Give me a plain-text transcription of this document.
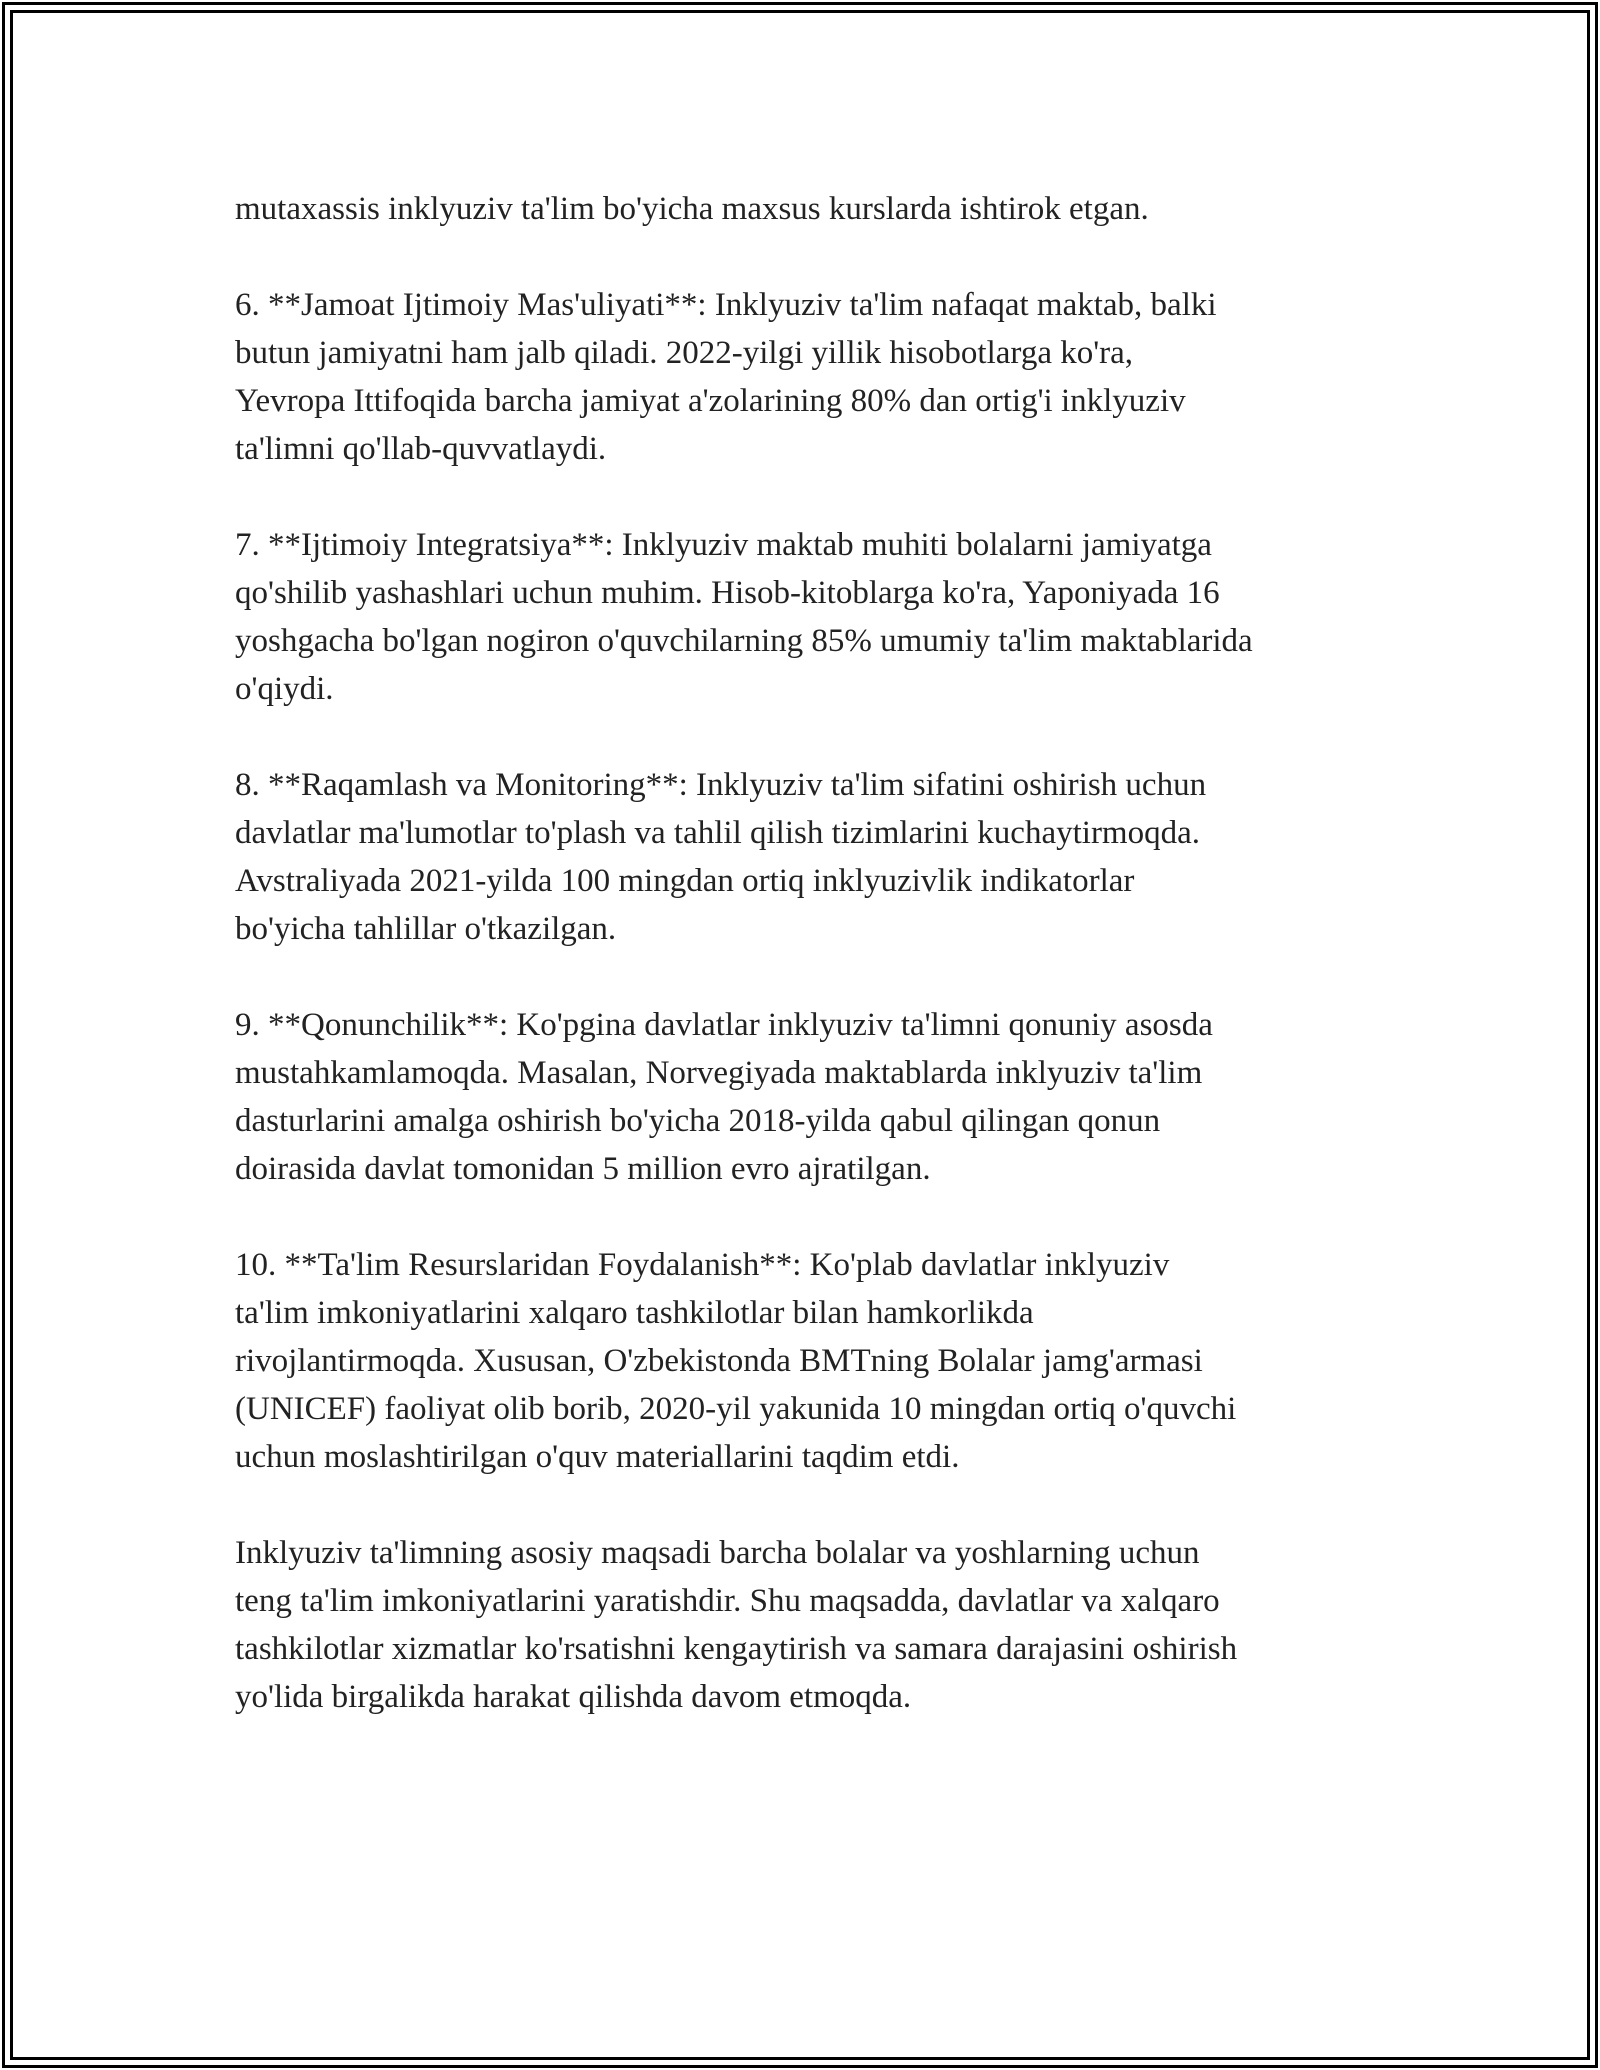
mutaxassis inklyuziv ta'lim bo'yicha maxsus kurslarda ishtirok etgan.

6. **Jamoat Ijtimoiy Mas'uliyati**: Inklyuziv ta'lim nafaqat maktab, balki
butun jamiyatni ham jalb qiladi. 2022-yilgi yillik hisobotlarga ko'ra,
Yevropa Ittifoqida barcha jamiyat a'zolarining 80% dan ortig'i inklyuziv
ta'limni qo'llab-quvvatlaydi.

7. **Ijtimoiy Integratsiya**: Inklyuziv maktab muhiti bolalarni jamiyatga
qo'shilib yashashlari uchun muhim. Hisob-kitoblarga ko'ra, Yaponiyada 16
yoshgacha bo'lgan nogiron o'quvchilarning 85% umumiy ta'lim maktablarida
o'qiydi.

8. **Raqamlash va Monitoring**: Inklyuziv ta'lim sifatini oshirish uchun
davlatlar ma'lumotlar to'plash va tahlil qilish tizimlarini kuchaytirmoqda.
Avstraliyada 2021-yilda 100 mingdan ortiq inklyuzivlik indikatorlar
bo'yicha tahlillar o'tkazilgan.

9. **Qonunchilik**: Ko'pgina davlatlar inklyuziv ta'limni qonuniy asosda
mustahkamlamoqda. Masalan, Norvegiyada maktablarda inklyuziv ta'lim
dasturlarini amalga oshirish bo'yicha 2018-yilda qabul qilingan qonun
doirasida davlat tomonidan 5 million evro ajratilgan.

10. **Ta'lim Resurslaridan Foydalanish**: Ko'plab davlatlar inklyuziv
ta'lim imkoniyatlarini xalqaro tashkilotlar bilan hamkorlikda
rivojlantirmoqda. Xususan, O'zbekistonda BMTning Bolalar jamg'armasi
(UNICEF) faoliyat olib borib, 2020-yil yakunida 10 mingdan ortiq o'quvchi
uchun moslashtirilgan o'quv materiallarini taqdim etdi.

Inklyuziv ta'limning asosiy maqsadi barcha bolalar va yoshlarning uchun
teng ta'lim imkoniyatlarini yaratishdir. Shu maqsadda, davlatlar va xalqaro
tashkilotlar xizmatlar ko'rsatishni kengaytirish va samara darajasini oshirish
yo'lida birgalikda harakat qilishda davom etmoqda.
